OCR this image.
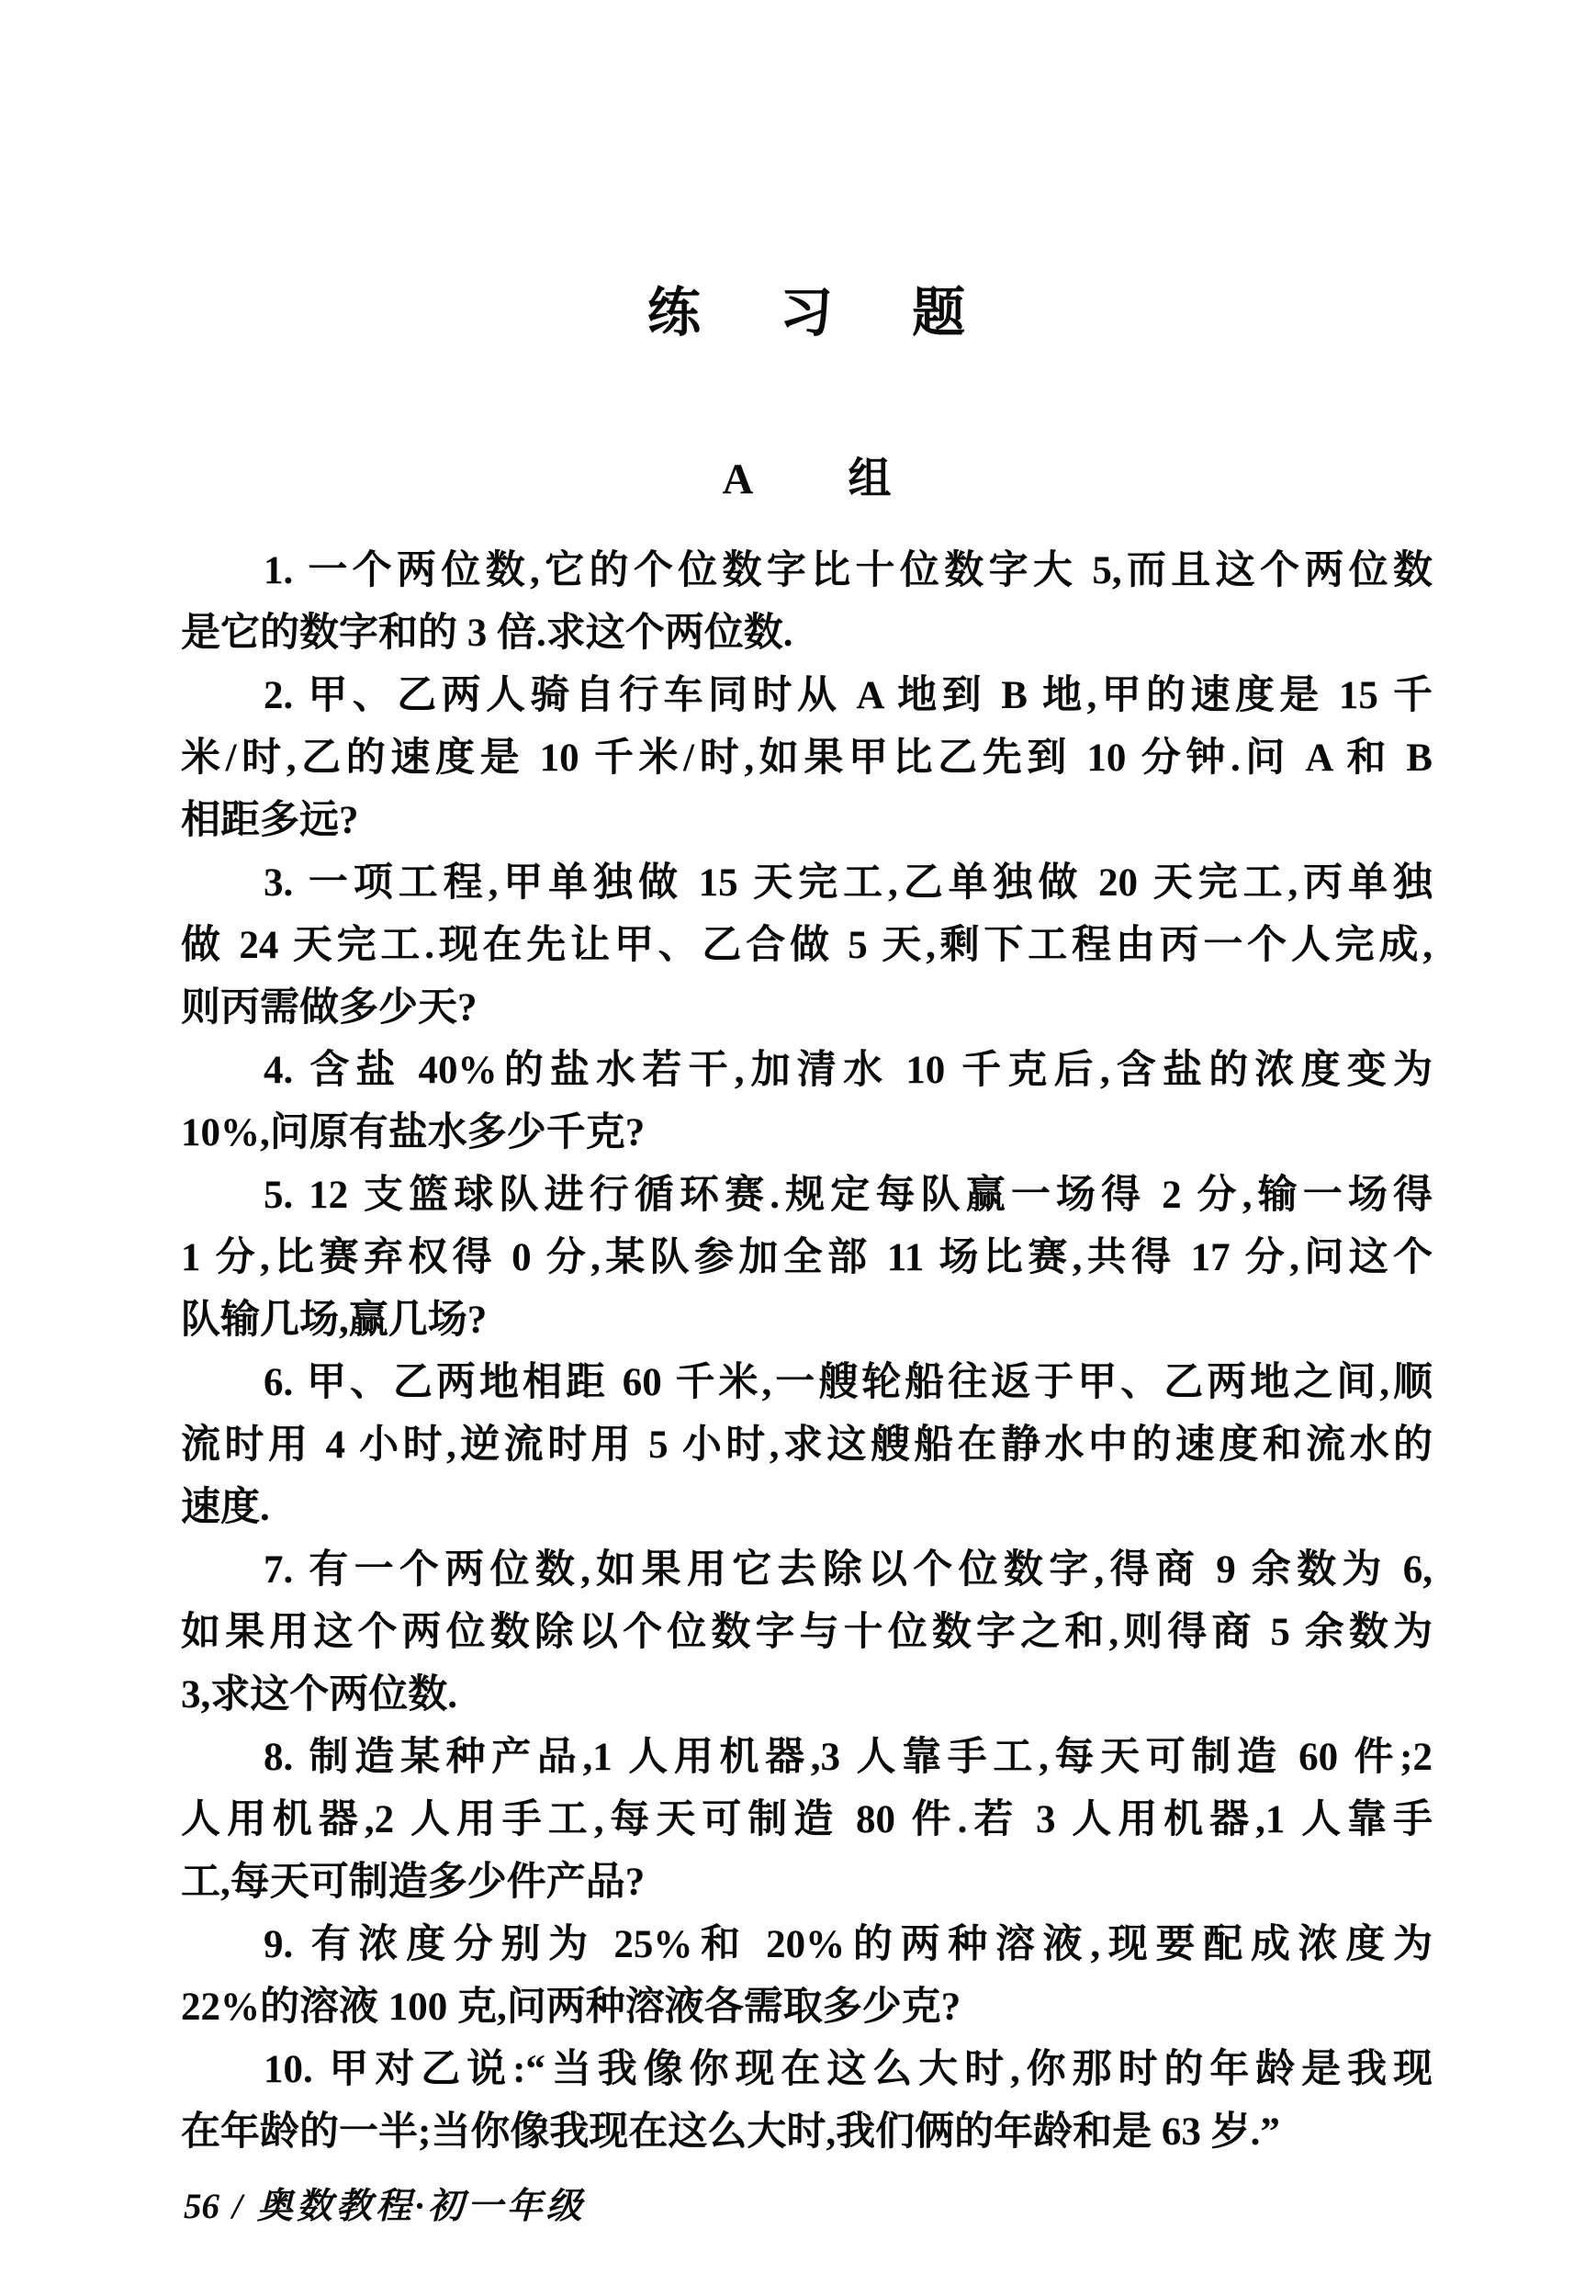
练 习 题
A 组
1. 一个两位数,它的个位数字比十位数字大 5,而且这个两位数
是它的数字和的 3 倍.求这个两位数.
2. 甲、乙两人骑自行车同时从 A 地到 B 地,甲的速度是 15 千
米/时,乙的速度是 10 千米/时,如果甲比乙先到 10 分钟.问 A 和 B
相距多远?
3. 一项工程,甲单独做 15 天完工,乙单独做 20 天完工,丙单独
做 24 天完工.现在先让甲、乙合做 5 天,剩下工程由丙一个人完成,
则丙需做多少天?
4. 含盐 40%的盐水若干,加清水 10 千克后,含盐的浓度变为
10%,问原有盐水多少千克?
5. 12 支篮球队进行循环赛.规定每队赢一场得 2 分,输一场得
1 分,比赛弃权得 0 分,某队参加全部 11 场比赛,共得 17 分,问这个
队输几场,赢几场?
6. 甲、乙两地相距 60 千米,一艘轮船往返于甲、乙两地之间,顺
流时用 4 小时,逆流时用 5 小时,求这艘船在静水中的速度和流水的
速度.
7. 有一个两位数,如果用它去除以个位数字,得商 9 余数为 6,
如果用这个两位数除以个位数字与十位数字之和,则得商 5 余数为
3,求这个两位数.
8. 制造某种产品,1 人用机器,3 人靠手工,每天可制造 60 件;2
人用机器,2 人用手工,每天可制造 80 件.若 3 人用机器,1 人靠手
工,每天可制造多少件产品?
9. 有浓度分别为 25%和 20%的两种溶液,现要配成浓度为
22%的溶液 100 克,问两种溶液各需取多少克?
10. 甲对乙说:“当我像你现在这么大时,你那时的年龄是我现
在年龄的一半;当你像我现在这么大时,我们俩的年龄和是 63 岁.”
56 / 奥数教程·初一年级
